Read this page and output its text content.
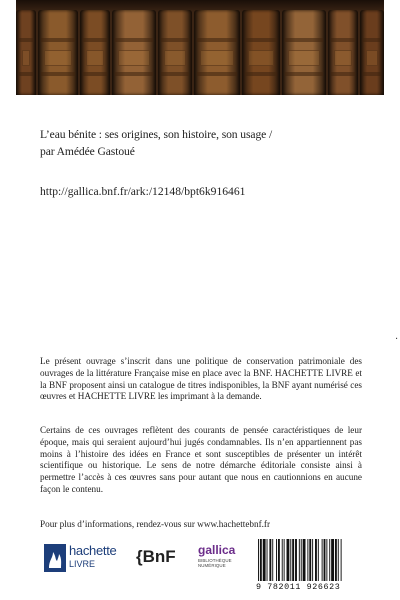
L’eau bénite : ses origines, son histoire, son usage /
par Amédée Gastoué
http://gallica.bnf.fr/ark:/12148/bpt6k916461
·
Le présent ouvrage s’inscrit dans une politique de conservation patrimoniale des ouvrages de la littérature Française mise en place avec la BNF. HACHETTE LIVRE et la BNF proposent ainsi un catalogue de titres indisponibles, la BNF ayant numérisé ces œuvres et HACHETTE LIVRE les imprimant à la demande.
Certains de ces ouvrages reflètent des courants de pensée caractéristiques de leur époque, mais qui seraient aujourd’hui jugés condamnables. Ils n’en appartiennent pas moins à l’histoire des idées en France et sont susceptibles de présenter un intérêt scientifique ou historique. Le sens de notre démarche éditoriale consiste ainsi à permettre l’accès à ces œuvres sans pour autant que nous en cautionnions en aucune façon le contenu.
Pour plus d’informations, rendez-vous sur www.hachettebnf.fr
hachette
LIVRE {BnF gallica
BIBLIOTHÈQUE NUMÉRIQUE
9 782011 926623
